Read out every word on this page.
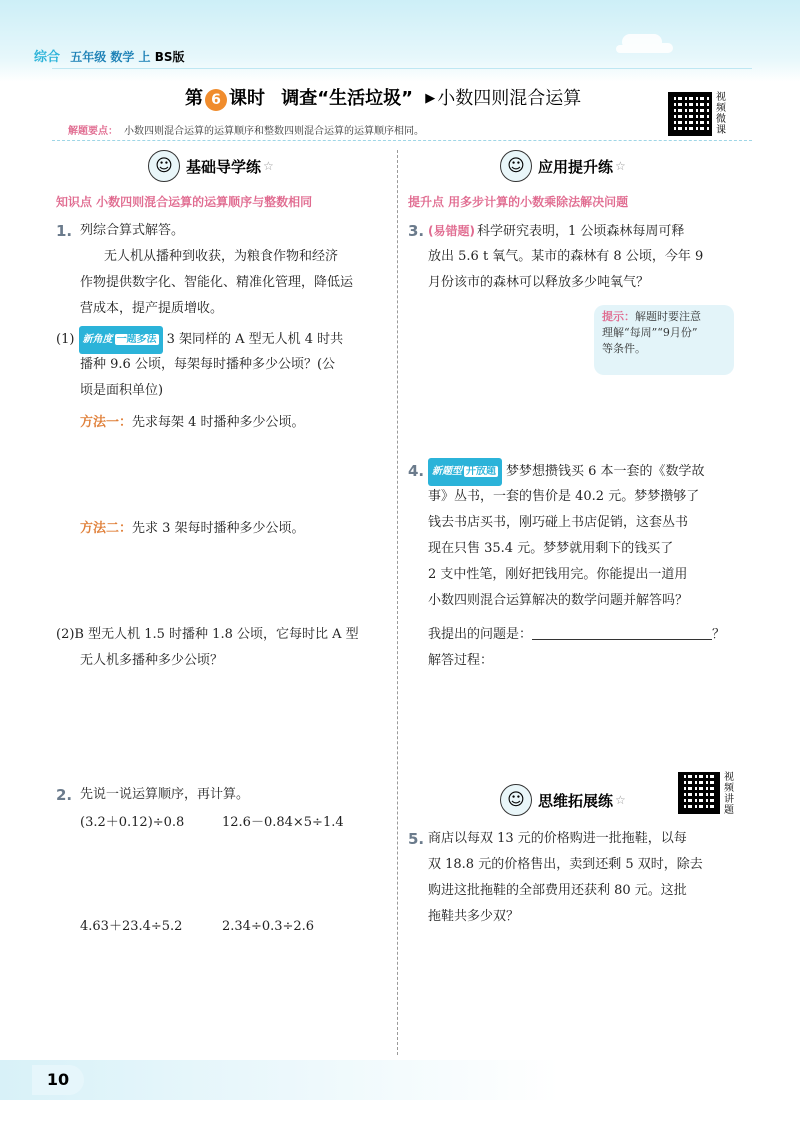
综合 五年级 数学 上 BS版
第 6 课时 调查“生活垃圾” ▶ 小数四则混合运算	视频微课
解题要点： 小数四则混合运算的运算顺序和整数四则混合运算的运算顺序相同。
☺ 基础导学练 ☆
知识点 小数四则混合运算的运算顺序与整数相同
1. 列综合算式解答。
无人机从播种到收获，为粮食作物和经济
作物提供数字化、智能化、精准化管理，降低运
营成本，提产提质增收。
(1) 新角度 一题多法 3 架同样的 A 型无人机 4 时共
播种 9.6 公顷，每架每时播种多少公顷？(公
顷是面积单位)
方法一：先求每架 4 时播种多少公顷。
方法二：先求 3 架每时播种多少公顷。
(2)B 型无人机 1.5 时播种 1.8 公顷，它每时比 A 型
无人机多播种多少公顷？
2. 先说一说运算顺序，再计算。
(3.2＋0.12)÷0.8	12.6－0.84×5÷1.4
4.63＋23.4÷5.2	2.34÷0.3÷2.6
☺ 应用提升练 ☆
提升点 用多步计算的小数乘除法解决问题
3. (易错题) 科学研究表明，1 公顷森林每周可释
放出 5.6 t 氧气。某市的森林有 8 公顷，今年 9
月份该市的森林可以释放多少吨氧气？
提示：解题时要注意
理解“每周”“9月份”
等条件。
4. 新题型 开放题 梦梦想攒钱买 6 本一套的《数学故
事》丛书，一套的售价是 40.2 元。梦梦攒够了
钱去书店买书，刚巧碰上书店促销，这套丛书
现在只售 35.4 元。梦梦就用剩下的钱买了
2 支中性笔，刚好把钱用完。你能提出一道用
小数四则混合运算解决的数学问题并解答吗？
我提出的问题是：	？
解答过程：
☺ 思维拓展练 ☆
视频讲题
5. 商店以每双 13 元的价格购进一批拖鞋，以每
双 18.8 元的价格售出，卖到还剩 5 双时，除去
购进这批拖鞋的全部费用还获利 80 元。这批
拖鞋共多少双？
10
